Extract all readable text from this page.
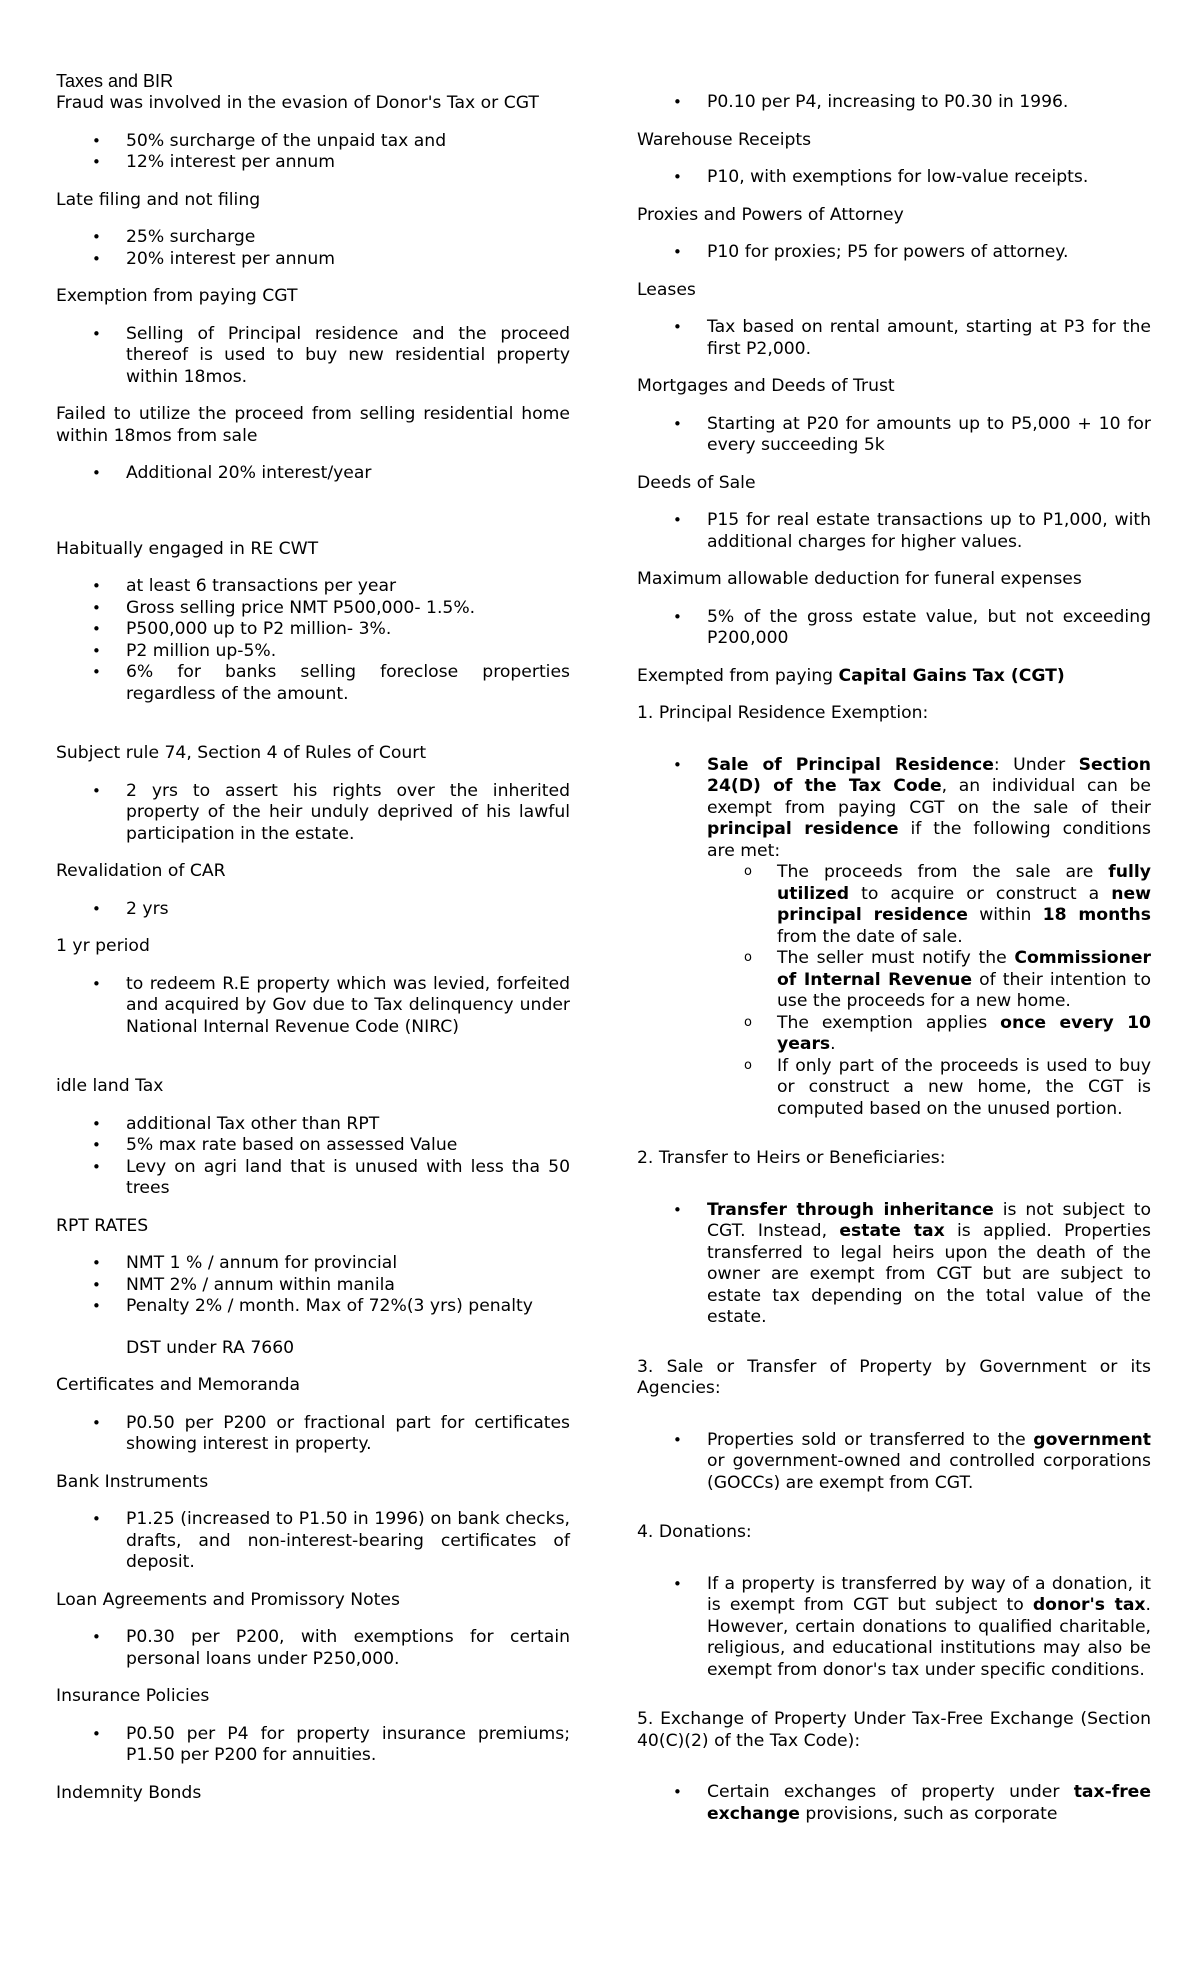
Taxes and BIR

Fraud was involved in the evasion of Donor's Tax or CGT

• 50% surcharge of the unpaid tax and
• 12% interest per annum

Late filing and not filing

• 25% surcharge
• 20% interest per annum

Exemption from paying CGT

• Selling of Principal residence and the proceed thereof is used to buy new residential property within 18mos.

Failed to utilize the proceed from selling residential home within 18mos from sale

• Additional 20% interest/year

Habitually engaged in RE CWT

• at least 6 transactions per year
• Gross selling price NMT P500,000- 1.5%.
• P500,000 up to P2 million- 3%.
• P2 million up-5%.
• 6% for banks selling foreclose properties regardless of the amount.

Subject rule 74, Section 4 of Rules of Court

• 2 yrs to assert his rights over the inherited property of the heir unduly deprived of his lawful participation in the estate.

Revalidation of CAR

• 2 yrs

1 yr period

• to redeem R.E property which was levied, forfeited and acquired by Gov due to Tax delinquency under National Internal Revenue Code (NIRC)

idle land Tax

• additional Tax other than RPT
• 5% max rate based on assessed Value
• Levy on agri land that is unused with less tha 50 trees

RPT RATES

• NMT 1 % / annum for provincial
• NMT 2% / annum within manila
• Penalty 2% / month. Max of 72%(3 yrs) penalty

DST under RA 7660

Certificates and Memoranda

• P0.50 per P200 or fractional part for certificates showing interest in property.

Bank Instruments

• P1.25 (increased to P1.50 in 1996) on bank checks, drafts, and non-interest-bearing certificates of deposit.

Loan Agreements and Promissory Notes

• P0.30 per P200, with exemptions for certain personal loans under P250,000.

Insurance Policies

• P0.50 per P4 for property insurance premiums; P1.50 per P200 for annuities.

Indemnity Bonds

• P0.10 per P4, increasing to P0.30 in 1996.

Warehouse Receipts

• P10, with exemptions for low-value receipts.

Proxies and Powers of Attorney

• P10 for proxies; P5 for powers of attorney.

Leases

• Tax based on rental amount, starting at P3 for the first P2,000.

Mortgages and Deeds of Trust

• Starting at P20 for amounts up to P5,000 + 10 for every succeeding 5k

Deeds of Sale

• P15 for real estate transactions up to P1,000, with additional charges for higher values.

Maximum allowable deduction for funeral expenses

• 5% of the gross estate value, but not exceeding P200,000

Exempted from paying Capital Gains Tax (CGT)

1. Principal Residence Exemption:

• Sale of Principal Residence: Under Section 24(D) of the Tax Code, an individual can be exempt from paying CGT on the sale of their principal residence if the following conditions are met:
o The proceeds from the sale are fully utilized to acquire or construct a new principal residence within 18 months from the date of sale.
o The seller must notify the Commissioner of Internal Revenue of their intention to use the proceeds for a new home.
o The exemption applies once every 10 years.
o If only part of the proceeds is used to buy or construct a new home, the CGT is computed based on the unused portion.

2. Transfer to Heirs or Beneficiaries:

• Transfer through inheritance is not subject to CGT. Instead, estate tax is applied. Properties transferred to legal heirs upon the death of the owner are exempt from CGT but are subject to estate tax depending on the total value of the estate.

3. Sale or Transfer of Property by Government or its Agencies:

• Properties sold or transferred to the government or government-owned and controlled corporations (GOCCs) are exempt from CGT.

4. Donations:

• If a property is transferred by way of a donation, it is exempt from CGT but subject to donor's tax. However, certain donations to qualified charitable, religious, and educational institutions may also be exempt from donor's tax under specific conditions.

5. Exchange of Property Under Tax-Free Exchange (Section 40(C)(2) of the Tax Code):

• Certain exchanges of property under tax-free exchange provisions, such as corporate
